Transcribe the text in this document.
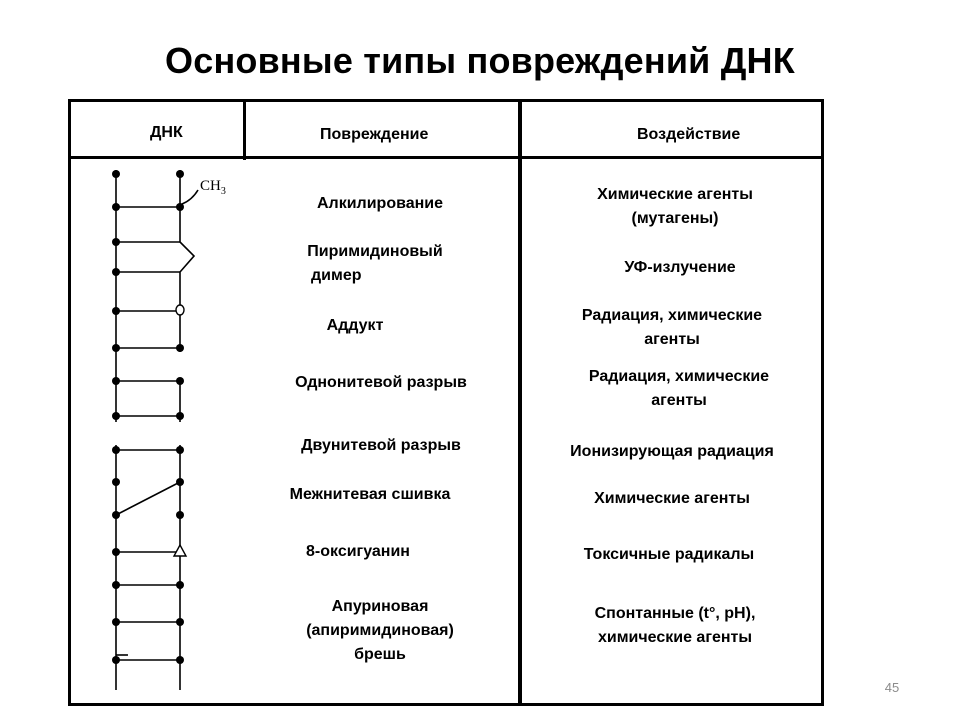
Основные типы повреждений ДНК
ДНК	Повреждение	Воздействие
Алкилирование
Пиримидиновый
димер
Аддукт
Однонитевой разрыв
Двунитевой разрыв
Межнитевая сшивка
8-оксигуанин
Апуриновая
(апиримидиновая)
брешь
Химические агенты
(мутагены)
УФ-излучение
Радиация, химические
агенты
Радиация, химические
агенты
Ионизирующая радиация
Химические агенты
Токсичные радикалы
Спонтанные (t°, pH),
химические агенты
$CH_3$
45
